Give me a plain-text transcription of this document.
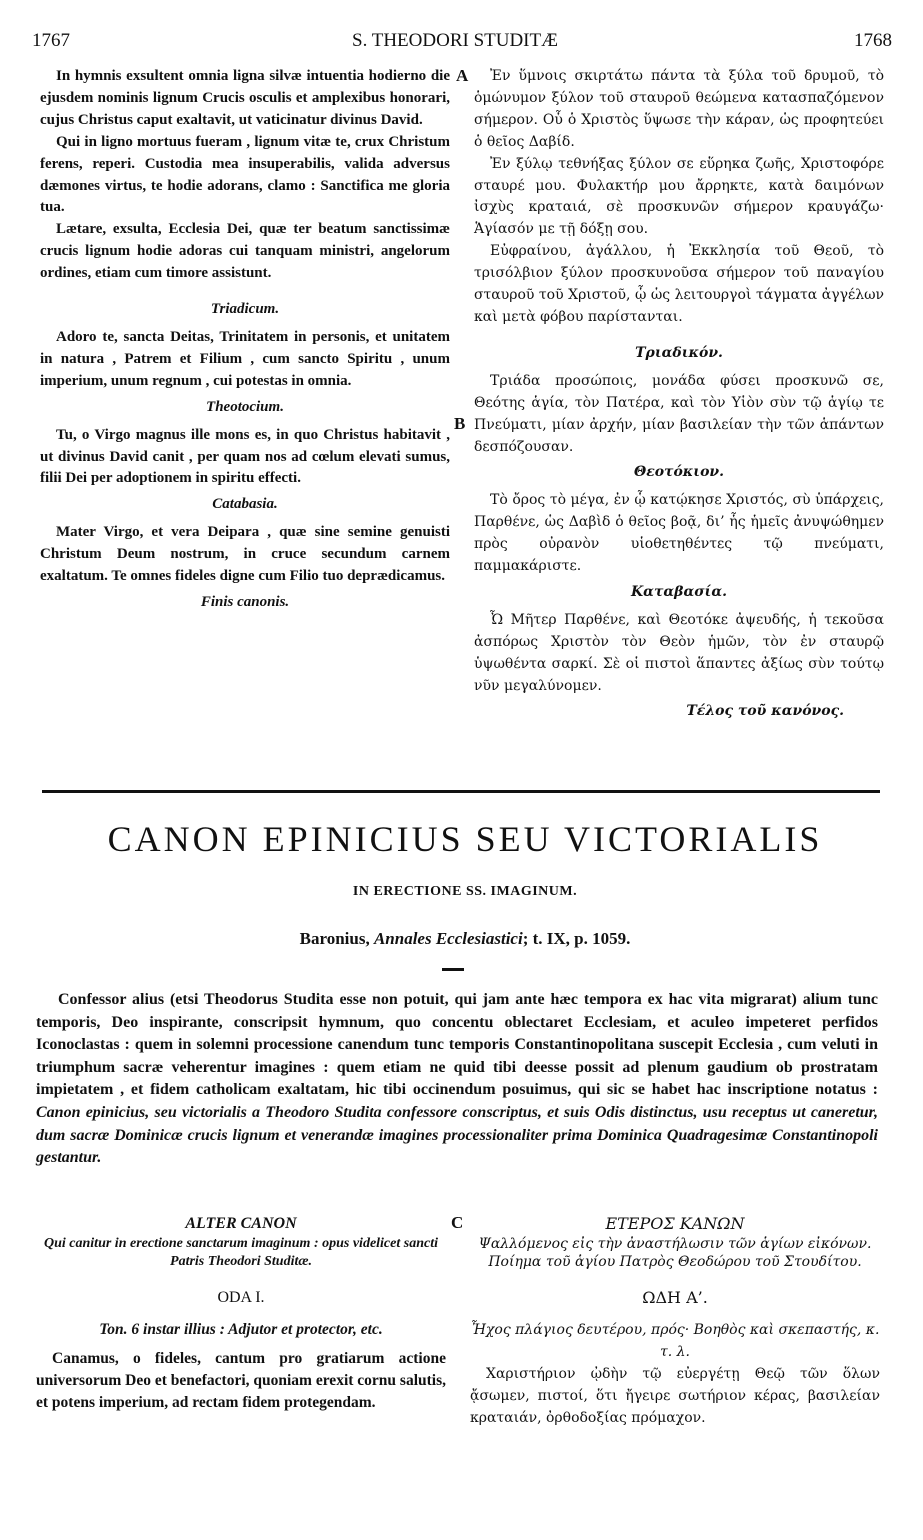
1767	S. THEODORI STUDITÆ	1768

In hymnis exsultent omnia ligna silvæ intuentia hodierno die ejusdem nominis lignum Crucis osculis et amplexibus honorari, cujus Christus caput exaltavit, ut vaticinatur divinus David.

Qui in ligno mortuus fueram , lignum vitæ te, crux Christum ferens, reperi. Custodia mea insuperabilis, valida adversus dæmones virtus, te hodie adorans, clamo : Sanctifica me gloria tua.

Lætare, exsulta, Ecclesia Dei, quæ ter beatum sanctissimæ crucis lignum hodie adoras cui tanquam ministri, angelorum ordines, etiam cum timore assistunt.

Triadicum.

Adoro te, sancta Deitas, Trinitatem in personis, et unitatem in natura , Patrem et Filium , cum sancto Spiritu , unum imperium, unum regnum , cui potestas in omnia.

Theotocium.

Tu, o Virgo magnus ille mons es, in quo Christus habitavit , ut divinus David canit , per quam nos ad cœlum elevati sumus, filii Dei per adoptionem in spiritu effecti.

Catabasia.

Mater Virgo, et vera Deipara , quæ sine semine genuisti Christum Deum nostrum, in cruce secundum carnem exaltatum. Te omnes fideles digne cum Filio tuo deprædicamus.

Finis canonis.

A
B

Ἐν ὕμνοις σκιρτάτω πάντα τὰ ξύλα τοῦ δρυμοῦ, τὸ ὁμώνυμον ξύλον τοῦ σταυροῦ θεώμενα κατασπαζόμενον σήμερον. Οὗ ὁ Χριστὸς ὕψωσε τὴν κάραν, ὡς προφητεύει ὁ θεῖος Δαβίδ.

Ἐν ξύλῳ τεθνήξας ξύλον σε εὕρηκα ζωῆς, Χριστοφόρε σταυρέ μου. Φυλακτήρ μου ἄρρηκτε, κατὰ δαιμόνων ἰσχὺς κραταιά, σὲ προσκυνῶν σήμερον κραυγάζω· Ἁγίασόν με τῇ δόξῃ σου.

Εὐφραίνου, ἀγάλλου, ἡ Ἐκκλησία τοῦ Θεοῦ, τὸ τρισόλβιον ξύλον προσκυνοῦσα σήμερον τοῦ παναγίου σταυροῦ τοῦ Χριστοῦ, ᾧ ὡς λειτουργοὶ τάγματα ἀγγέλων καὶ μετὰ φόβου παρίστανται.

Τριαδικόν.

Τριάδα προσώποις, μονάδα φύσει προσκυνῶ σε, Θεότης ἁγία, τὸν Πατέρα, καὶ τὸν Υἱὸν σὺν τῷ ἁγίῳ τε Πνεύματι, μίαν ἀρχήν, μίαν βασιλείαν τὴν τῶν ἁπάντων δεσπόζουσαν.

Θεοτόκιον.

Τὸ ὄρος τὸ μέγα, ἐν ᾧ κατῴκησε Χριστός, σὺ ὑπάρχεις, Παρθένε, ὡς Δαβὶδ ὁ θεῖος βοᾷ, δι’ ἧς ἡμεῖς ἀνυψώθημεν πρὸς οὐρανὸν υἱοθετηθέντες τῷ πνεύματι, παμμακάριστε.

Καταβασία.

Ὦ Μῆτερ Παρθένε, καὶ Θεοτόκε ἀψευδής, ἡ τεκοῦσα ἀσπόρως Χριστὸν τὸν Θεὸν ἡμῶν, τὸν ἐν σταυρῷ ὑψωθέντα σαρκί. Σὲ οἱ πιστοὶ ἅπαντες ἀξίως σὺν τούτῳ νῦν μεγαλύνομεν.

Τέλος τοῦ κανόνος.

CANON EPINICIUS SEU VICTORIALIS
IN ERECTIONE SS. IMAGINUM.
Baronius, Annales Ecclesiastici; t. IX, p. 1059.
Confessor alius (etsi Theodorus Studita esse non potuit, qui jam ante hæc tempora ex hac vita migrarat) alium tunc temporis, Deo inspirante, conscripsit hymnum, quo concentu oblectaret Ecclesiam, et aculeo impeteret perfidos Iconoclastas : quem in solemni processione canendum tunc temporis Constantinopolitana suscepit Ecclesia , cum veluti in triumphum sacræ veherentur imagines : quem etiam ne quid tibi deesse possit ad plenum gaudium ob prostratam impietatem , et fidem catholicam exaltatam, hic tibi occinendum posuimus, qui sic se habet hac inscriptione notatus : Canon epinicius, seu victorialis a Theodoro Studita confessore conscriptus, et suis Odis distinctus, usu receptus ut caneretur, dum sacræ Dominicæ crucis lignum et venerandæ imagines processionaliter prima Dominica Quadragesimæ Constantinopoli gestantur.
C

ALTER CANON

Qui canitur in erectione sanctarum imaginum : opus videlicet sancti Patris Theodori Studitæ.

ODA I.

Ton. 6 instar illius : Adjutor et protector, etc.

Canamus, o fideles, cantum pro gratiarum actione universorum Deo et benefactori, quoniam erexit cornu salutis, et potens imperium, ad rectam fidem protegendam.

ΕΤΕΡΟΣ ΚΑΝΩΝ

Ψαλλόμενος εἰς τὴν ἀναστήλωσιν τῶν ἁγίων εἰκόνων. Ποίημα τοῦ ἁγίου Πατρὸς Θεοδώρου τοῦ Στουδίτου.

ΩΔΗ Α’.

Ἦχος πλάγιος δευτέρου, πρός· Βοηθὸς καὶ σκεπαστής, κ. τ. λ.

Χαριστήριον ᾠδὴν τῷ εὐεργέτῃ Θεῷ τῶν ὅλων ᾄσωμεν, πιστοί, ὅτι ἤγειρε σωτήριον κέρας, βασιλείαν κραταιάν, ὀρθοδοξίας πρόμαχον.
